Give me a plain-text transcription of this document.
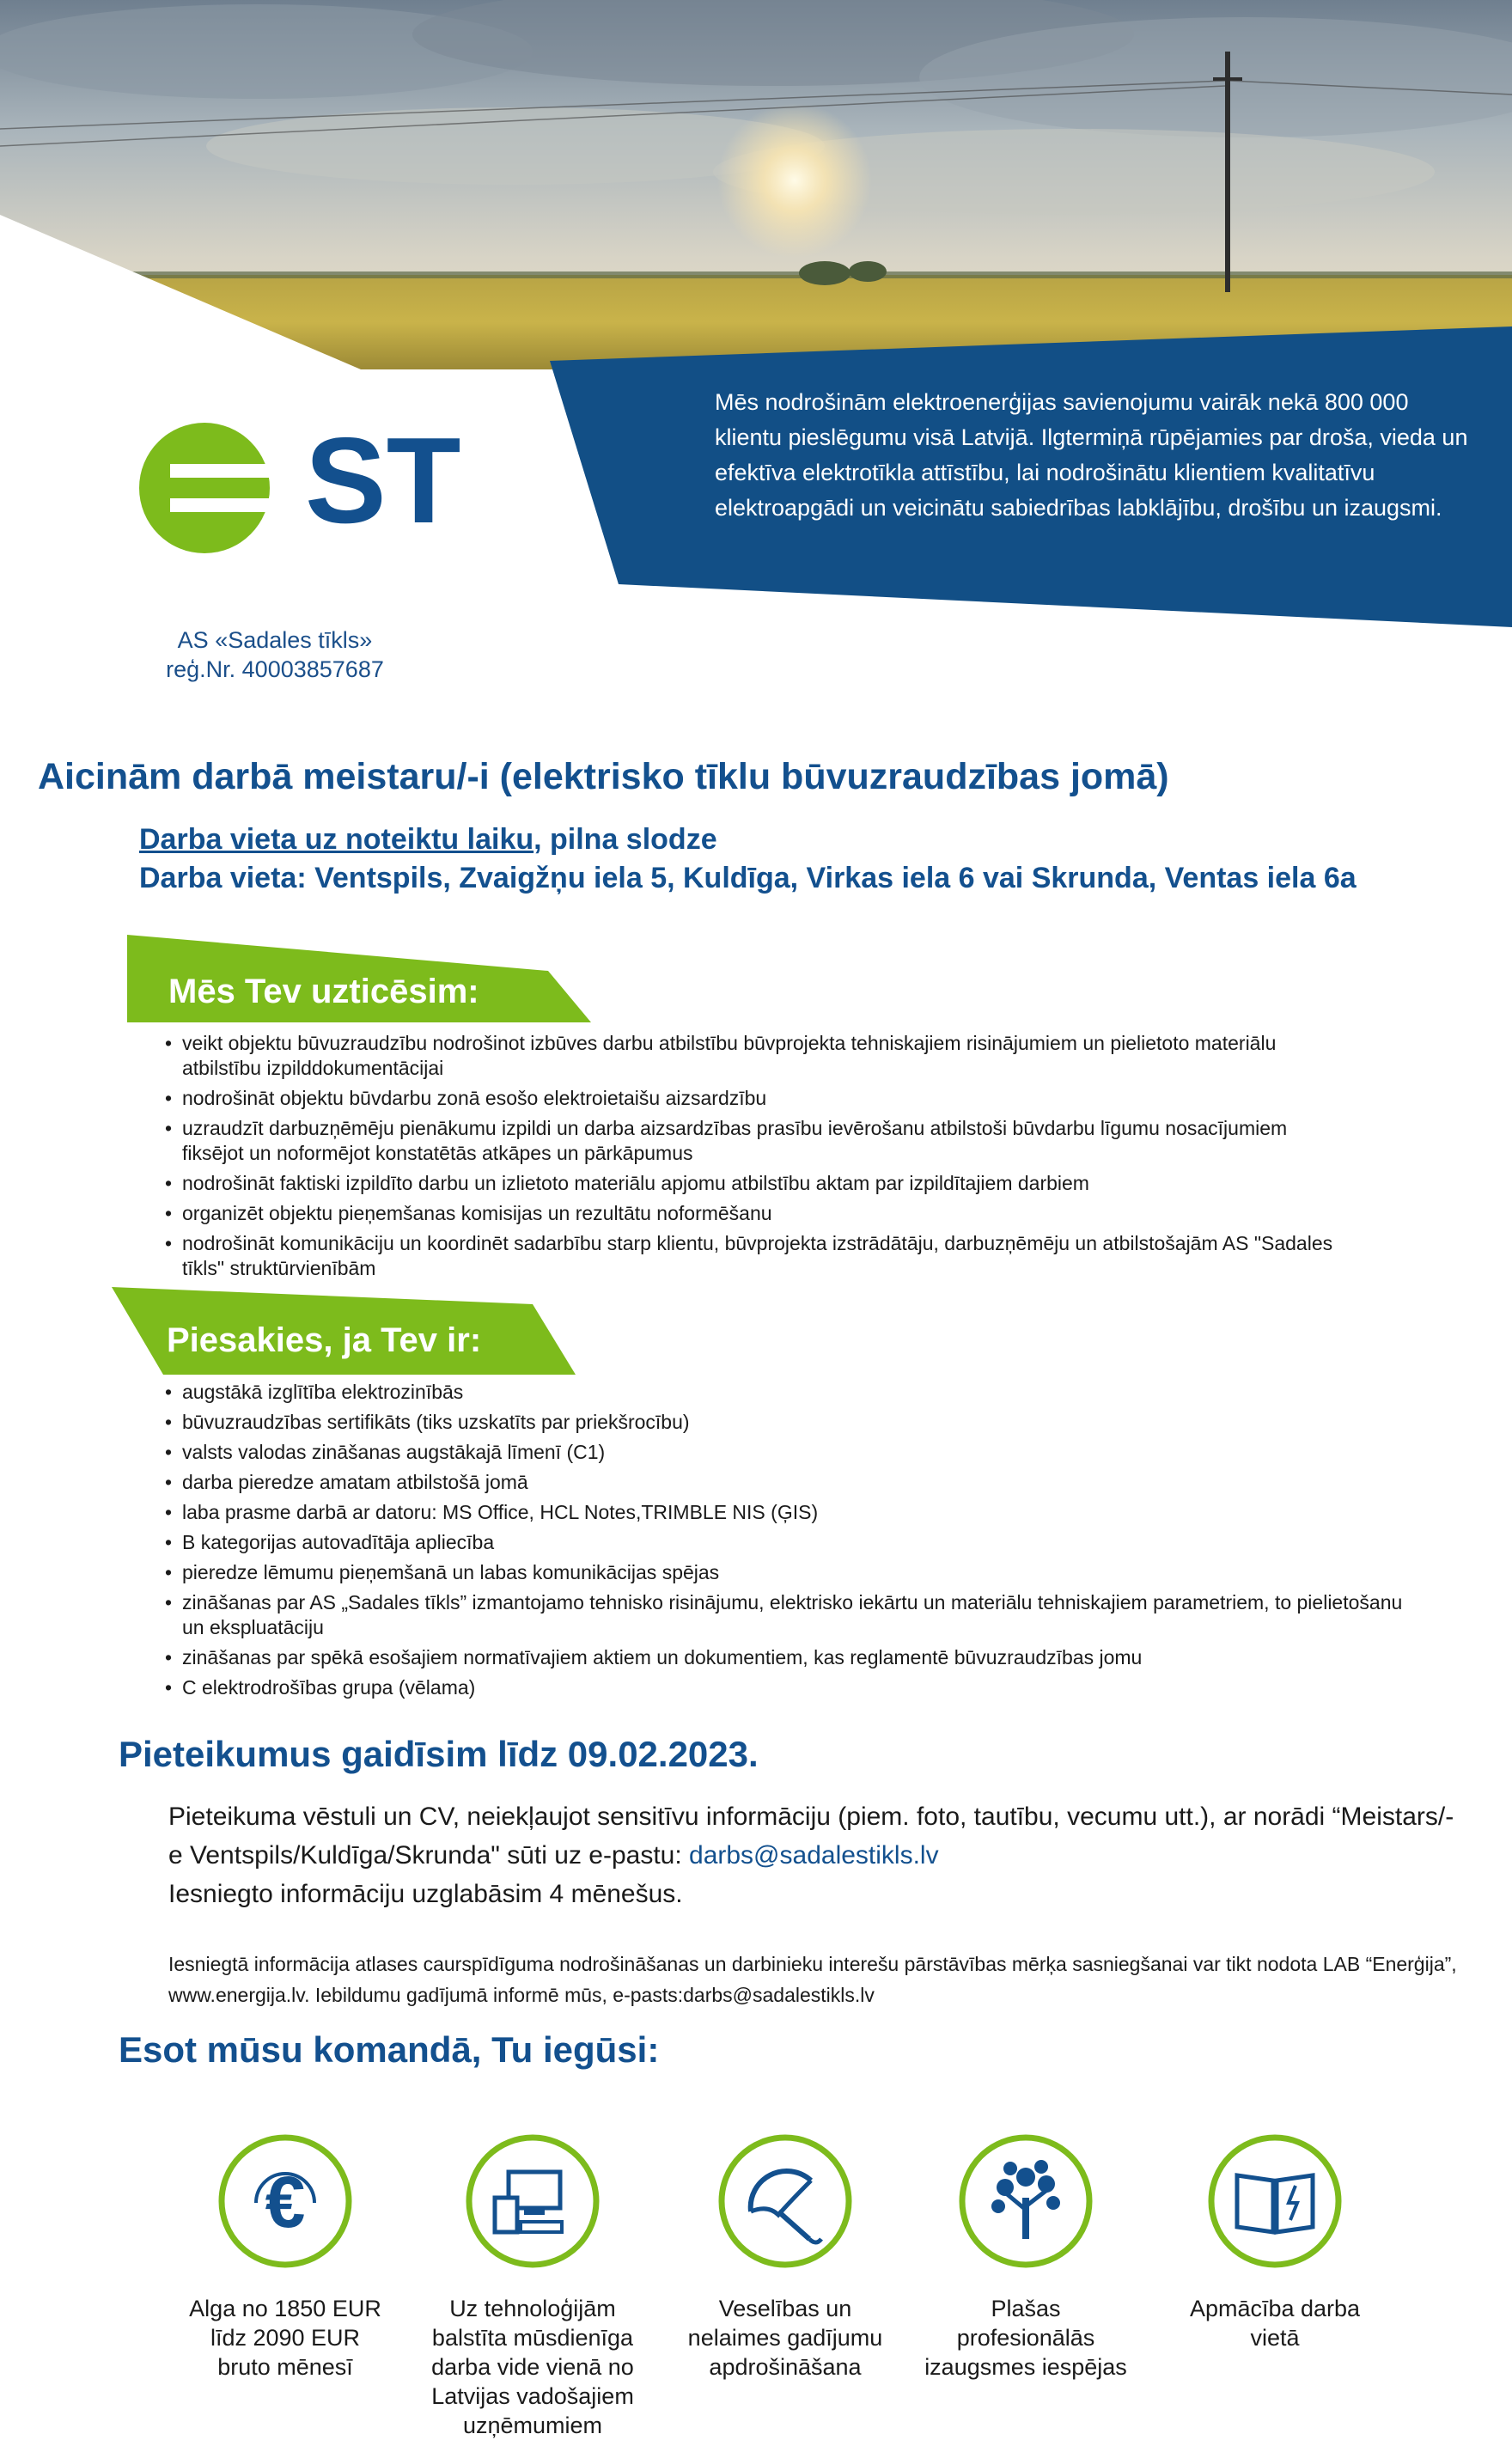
Mēs nodrošinām elektroenerģijas savienojumu vairāk nekā 800 000 klientu pieslēgumu visā Latvijā. Ilgtermiņā rūpējamies par droša, vieda un efektīva elektrotīkla attīstību, lai nodrošinātu klientiem kvalitatīvu elektroapgādi un veicinātu sabiedrības labklājību, drošību un izaugsmi.
ST
AS «Sadales tīkls»
reģ.Nr. 40003857687
Aicinām darbā meistaru/-i (elektrisko tīklu būvuzraudzības jomā)
Darba vieta uz noteiktu laiku, pilna slodze
Darba vieta: Ventspils, Zvaigžņu iela 5, Kuldīga, Virkas iela 6 vai Skrunda, Ventas iela 6a
Mēs Tev uzticēsim:
• veikt objektu būvuzraudzību nodrošinot izbūves darbu atbilstību būvprojekta tehniskajiem risinājumiem un pielietoto materiālu atbilstību izpilddokumentācijai
• nodrošināt objektu būvdarbu zonā esošo elektroietaišu aizsardzību
• uzraudzīt darbuzņēmēju pienākumu izpildi un darba aizsardzības prasību ievērošanu atbilstoši būvdarbu līgumu nosacījumiem fiksējot un noformējot konstatētās atkāpes un pārkāpumus
• nodrošināt faktiski izpildīto darbu un izlietoto materiālu apjomu atbilstību aktam par izpildītajiem darbiem
• organizēt objektu pieņemšanas komisijas un rezultātu noformēšanu
• nodrošināt komunikāciju un koordinēt sadarbību starp klientu, būvprojekta izstrādātāju, darbuzņēmēju un atbilstošajām AS "Sadales tīkls" struktūrvienībām
Piesakies, ja Tev ir:
• augstākā izglītība elektrozinībās
• būvuzraudzības sertifikāts (tiks uzskatīts par priekšrocību)
• valsts valodas zināšanas augstākajā līmenī (C1)
• darba pieredze amatam atbilstošā jomā
• laba prasme darbā ar datoru: MS Office, HCL Notes,TRIMBLE NIS (ĢIS)
• B kategorijas autovadītāja apliecība
• pieredze lēmumu pieņemšanā un labas komunikācijas spējas
• zināšanas par AS „Sadales tīkls” izmantojamo tehnisko risinājumu, elektrisko iekārtu un materiālu tehniskajiem parametriem, to pielietošanu un ekspluatāciju
• zināšanas par spēkā esošajiem normatīvajiem aktiem un dokumentiem, kas reglamentē būvuzraudzības jomu
• C elektrodrošības grupa (vēlama)
Pieteikumus gaidīsim līdz 09.02.2023.
Pieteikuma vēstuli un CV, neiekļaujot sensitīvu informāciju (piem. foto, tautību, vecumu utt.), ar norādi “Meistars/-e Ventspils/Kuldīga/Skrunda" sūti uz e-pastu: darbs@sadalestikls.lv
Iesniegto informāciju uzglabāsim 4 mēnešus.
Iesniegtā informācija atlases caurspīdīguma nodrošināšanas un darbinieku interešu pārstāvības mērķa sasniegšanai var tikt nodota LAB “Enerģija”, www.energija.lv. Iebildumu gadījumā informē mūs, e-pasts:darbs@sadalestikls.lv
Esot mūsu komandā, Tu iegūsi:
€
Alga no 1850 EUR līdz 2090 EUR bruto mēnesī
Uz tehnoloģijām balstīta mūsdienīga darba vide vienā no Latvijas vadošajiem uzņēmumiem
Veselības un nelaimes gadījumu apdrošināšana
Plašas profesionālās izaugsmes iespējas
Apmācība darba vietā
